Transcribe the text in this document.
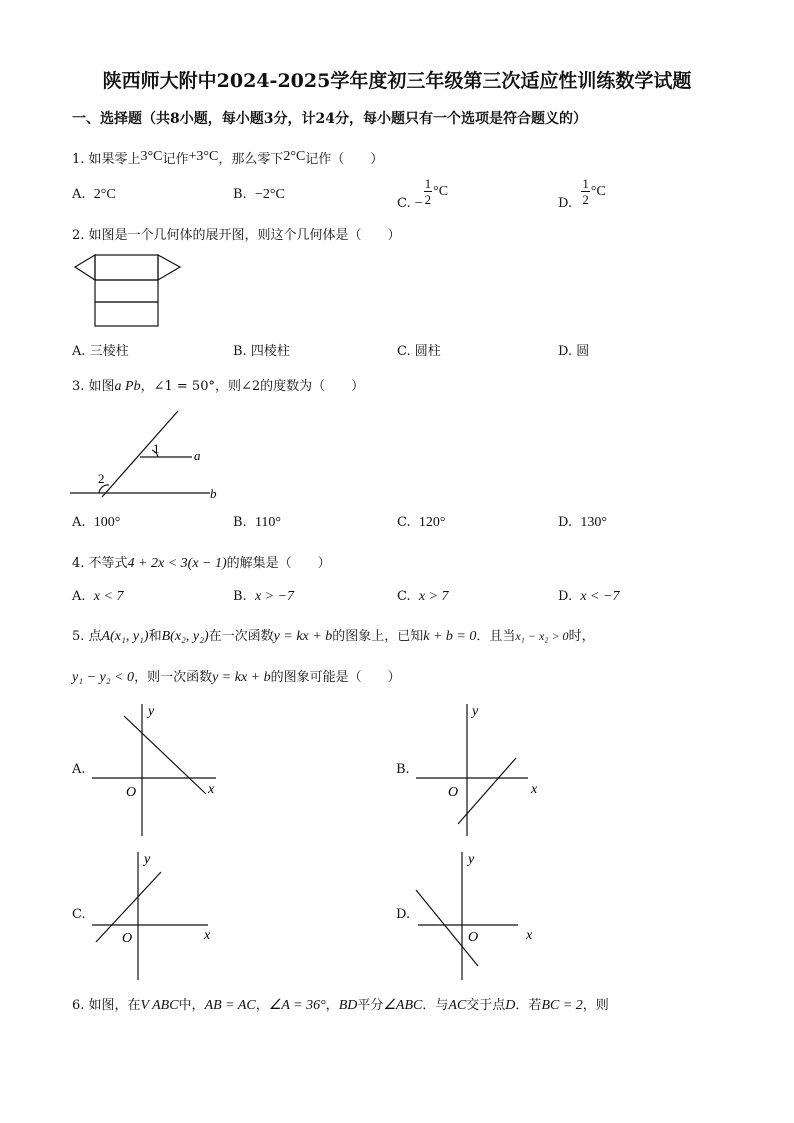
陕西师大附中2024-2025学年度初三年级第三次适应性训练数学试题
一、选择题（共8小题，每小题3分，计24分，每小题只有一个选项是符合题义的）
1. 如果零上3°C记作+3°C，那么零下2°C记作（　　）
A. 2°C	B. −2°C
C. − $\frac{1}{2} ^\circ C$
D. $\frac{1}{2} ^\circ C$
2. 如图是一个几何体的展开图，则这个几何体是（　　）
A. 三棱柱	B. 四棱柱	C. 圆柱	D. 圆
3. 如图a Pb，∠1 = 50°，则∠2的度数为（　　）
1
2
a
b
A. 100°	B. 110°	C. 120°	D. 130°
4. 不等式4 + 2x < 3(x − 1)的解集是（　　）
A. x < 7	B. x > −7	C. x > 7	D. x < −7
5. 点A(x₁, y₁)和B(x₂, y₂)在一次函数y = kx + b的图象上，已知k + b = 0．且当x₁ − x₂ > 0时，
y₁ − y₂ < 0，则一次函数y = kx + b的图象可能是（　　）
A.
y
O	x
B.
y
O	x
C.
y
O	x
D.
y
O	x
6. 如图，在V ABC中，AB = AC，∠A = 36°，BD平分∠ABC．与AC交于点D．若BC = 2，则
